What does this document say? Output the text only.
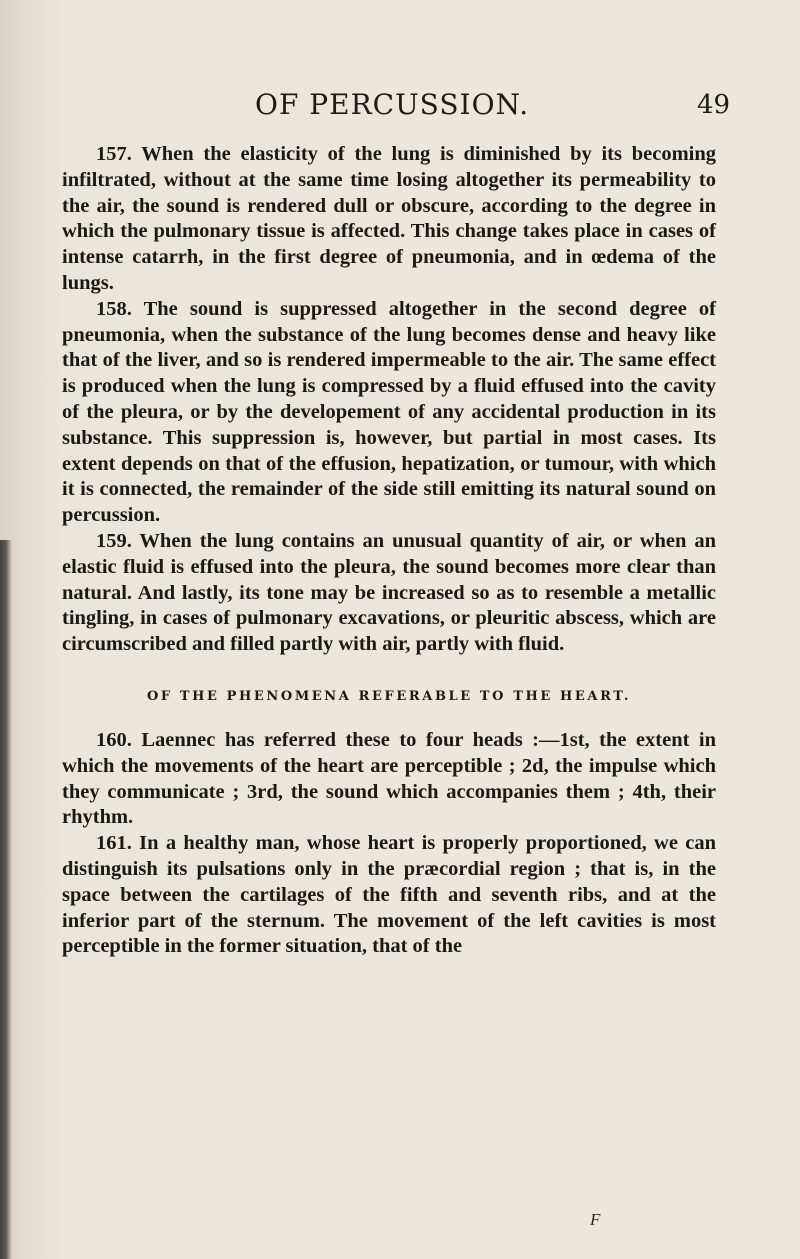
OF PERCUSSION.	49

157. When the elasticity of the lung is diminished by its becoming infiltrated, without at the same time losing altogether its permeability to the air, the sound is rendered dull or obscure, according to the degree in which the pulmonary tissue is affected. This change takes place in cases of intense catarrh, in the first degree of pneumonia, and in œdema of the lungs.

158. The sound is suppressed altogether in the second degree of pneumonia, when the substance of the lung becomes dense and heavy like that of the liver, and so is rendered impermeable to the air. The same effect is produced when the lung is compressed by a fluid effused into the cavity of the pleura, or by the developement of any accidental production in its substance. This suppression is, however, but partial in most cases. Its extent depends on that of the effusion, hepatization, or tumour, with which it is connected, the remainder of the side still emitting its natural sound on percussion.

159. When the lung contains an unusual quantity of air, or when an elastic fluid is effused into the pleura, the sound becomes more clear than natural. And lastly, its tone may be increased so as to resemble a metallic tingling, in cases of pulmonary excavations, or pleuritic abscess, which are circumscribed and filled partly with air, partly with fluid.

OF THE PHENOMENA REFERABLE TO THE HEART.

160. Laennec has referred these to four heads :—1st, the extent in which the movements of the heart are perceptible ; 2d, the impulse which they communicate ; 3rd, the sound which accompanies them ; 4th, their rhythm.

161. In a healthy man, whose heart is properly proportioned, we can distinguish its pulsations only in the præcordial region ; that is, in the space between the cartilages of the fifth and seventh ribs, and at the inferior part of the sternum. The movement of the left cavities is most perceptible in the former situation, that of the

F
